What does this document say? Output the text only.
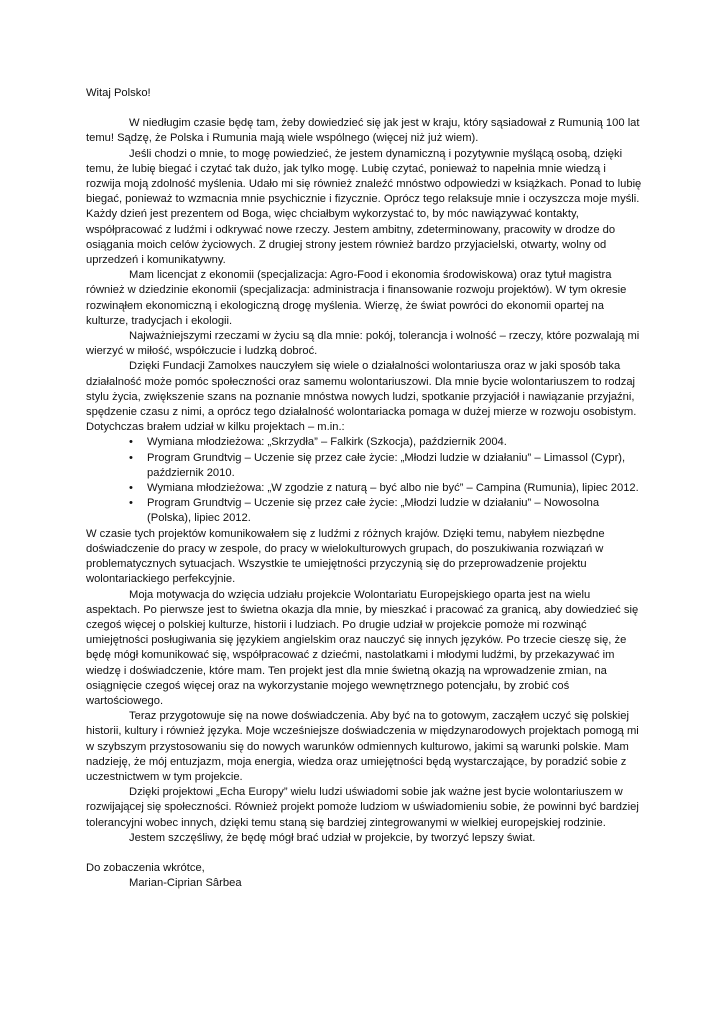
Witaj Polsko!

W niedługim czasie będę tam, żeby dowiedzieć się jak jest w kraju, który sąsiadował z Rumunią 100 lat temu! Sądzę, że Polska i Rumunia mają wiele wspólnego (więcej niż już wiem).

Jeśli chodzi o mnie, to mogę powiedzieć, że jestem dynamiczną i pozytywnie myślącą osobą, dzięki temu, że lubię biegać i czytać tak dużo, jak tylko mogę. Lubię czytać, ponieważ to napełnia mnie wiedzą i rozwija moją zdolność myślenia. Udało mi się również znaleźć mnóstwo odpowiedzi w książkach. Ponad to lubię biegać, ponieważ to wzmacnia mnie psychicznie i fizycznie. Oprócz tego relaksuje mnie i oczyszcza moje myśli. Każdy dzień jest prezentem od Boga, więc chciałbym wykorzystać to, by móc nawiązywać kontakty, współpracować z ludźmi i odkrywać nowe rzeczy. Jestem ambitny, zdeterminowany, pracowity w drodze do osiągania moich celów życiowych. Z drugiej strony jestem również bardzo przyjacielski, otwarty, wolny od uprzedzeń i komunikatywny.

Mam licencjat z ekonomii (specjalizacja: Agro-Food i ekonomia środowiskowa) oraz tytuł magistra również w dziedzinie ekonomii (specjalizacja: administracja i finansowanie rozwoju projektów). W tym okresie rozwinąłem ekonomiczną i ekologiczną drogę myślenia. Wierzę, że świat powróci do ekonomii opartej na kulturze, tradycjach i ekologii.

Najważniejszymi rzeczami w życiu są dla mnie: pokój, tolerancja i wolność – rzeczy, które pozwalają mi wierzyć w miłość, współczucie i ludzką dobroć.

Dzięki Fundacji Zamolxes nauczyłem się wiele o działalności wolontariusza oraz w jaki sposób taka działalność może pomóc społeczności oraz samemu wolontariuszowi. Dla mnie bycie wolontariuszem to rodzaj stylu życia, zwiększenie szans na poznanie mnóstwa nowych ludzi, spotkanie przyjaciół i nawiązanie przyjaźni, spędzenie czasu z nimi, a oprócz tego działalność wolontariacka pomaga w dużej mierze w rozwoju osobistym. Dotychczas brałem udział w kilku projektach – m.in.:

• Wymiana młodzieżowa: „Skrzydła” – Falkirk (Szkocja), październik 2004.
• Program Grundtvig – Uczenie się przez całe życie: „Młodzi ludzie w działaniu” – Limassol (Cypr), październik 2010.
• Wymiana młodzieżowa: „W zgodzie z naturą – być albo nie być” – Campina (Rumunia), lipiec 2012.
• Program Grundtvig – Uczenie się przez całe życie: „Młodzi ludzie w działaniu” – Nowosolna (Polska), lipiec 2012.

W czasie tych projektów komunikowałem się z ludźmi z różnych krajów. Dzięki temu, nabyłem niezbędne doświadczenie do pracy w zespole, do pracy w wielokulturowych grupach, do poszukiwania rozwiązań w problematycznych sytuacjach. Wszystkie te umiejętności przyczynią się do przeprowadzenie projektu wolontariackiego perfekcyjnie.

Moja motywacja do wzięcia udziału projekcie Wolontariatu Europejskiego oparta jest na wielu aspektach. Po pierwsze jest to świetna okazja dla mnie, by mieszkać i pracować za granicą, aby dowiedzieć się czegoś więcej o polskiej kulturze, historii i ludziach. Po drugie udział w projekcie pomoże mi rozwinąć umiejętności posługiwania się językiem angielskim oraz nauczyć się innych języków. Po trzecie cieszę się, że będę mógł komunikować się, współpracować z dziećmi, nastolatkami i młodymi ludźmi, by przekazywać im wiedzę i doświadczenie, które mam. Ten projekt jest dla mnie świetną okazją na wprowadzenie zmian, na osiągnięcie czegoś więcej oraz na wykorzystanie mojego wewnętrznego potencjału, by zrobić coś wartościowego.

Teraz przygotowuje się na nowe doświadczenia. Aby być na to gotowym, zacząłem uczyć się polskiej historii, kultury i również języka. Moje wcześniejsze doświadczenia w międzynarodowych projektach pomogą mi w szybszym przystosowaniu się do nowych warunków odmiennych kulturowo, jakimi są warunki polskie. Mam nadzieję, że mój entuzjazm, moja energia, wiedza oraz umiejętności będą wystarczające, by poradzić sobie z uczestnictwem w tym projekcie.

Dzięki projektowi „Echa Europy” wielu ludzi uświadomi sobie jak ważne jest bycie wolontariuszem w rozwijającej się społeczności. Również projekt pomoże ludziom w uświadomieniu sobie, że powinni być bardziej tolerancyjni wobec innych, dzięki temu staną się bardziej zintegrowanymi w wielkiej europejskiej rodzinie.

Jestem szczęśliwy, że będę mógł brać udział w projekcie, by tworzyć lepszy świat.

Do zobaczenia wkrótce,

Marian-Ciprian Sârbea
